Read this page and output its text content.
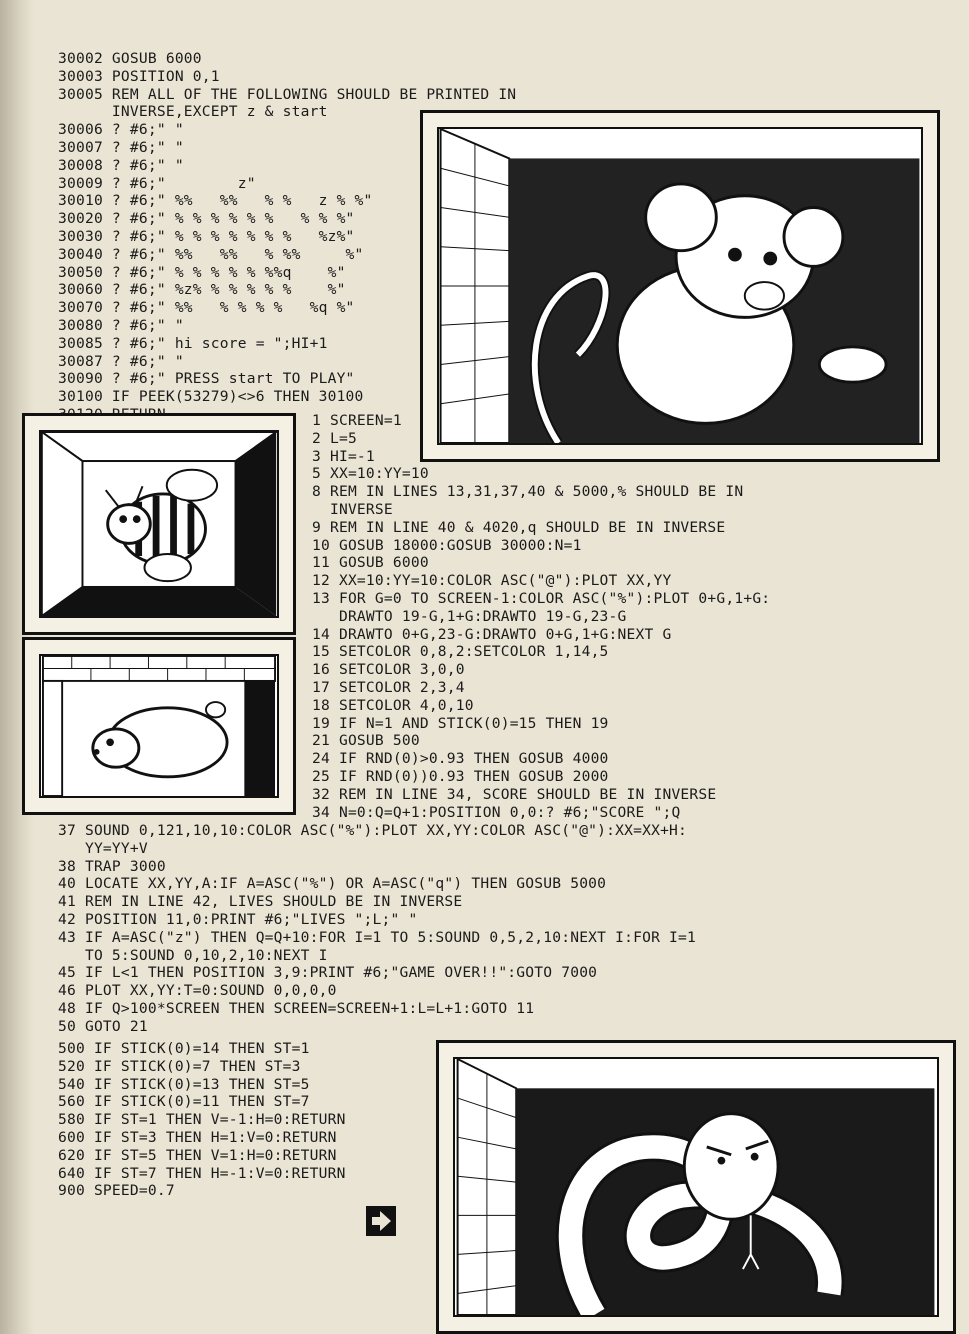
30002 GOSUB 6000
30003 POSITION 0,1
30005 REM ALL OF THE FOLLOWING SHOULD BE PRINTED IN
INVERSE,EXCEPT z & start
30006 ? #6;" "
30007 ? #6;" "
30008 ? #6;" "
30009 ? #6;"        z"
30010 ? #6;" %%   %%   % %   z % %"
30020 ? #6;" % % % % % %   % % %"
30030 ? #6;" % % % % % % %   %z%"
30040 ? #6;" %%   %%   % %%     %"
30050 ? #6;" % % % % % %%q    %"
30060 ? #6;" %z% % % % % %    %"
30070 ? #6;" %%   % % % %   %q %"
30080 ? #6;" "
30085 ? #6;" hi score = ";HI+1
30087 ? #6;" "
30090 ? #6;" PRESS start TO PLAY"
30100 IF PEEK(53279)<>6 THEN 30100
1 SCREEN=1
2 L=5
3 HI=-1
5 XX=10:YY=10
8 REM IN LINES 13,31,37,40 & 5000,% SHOULD BE IN
INVERSE
9 REM IN LINE 40 & 4020,q SHOULD BE IN INVERSE
10 GOSUB 18000:GOSUB 30000:N=1
11 GOSUB 6000
12 XX=10:YY=10:COLOR ASC("@"):PLOT XX,YY
13 FOR G=0 TO SCREEN-1:COLOR ASC("%"):PLOT 0+G,1+G:
DRAWTO 19-G,1+G:DRAWTO 19-G,23-G
14 DRAWTO 0+G,23-G:DRAWTO 0+G,1+G:NEXT G
15 SETCOLOR 0,8,2:SETCOLOR 1,14,5
16 SETCOLOR 3,0,0
17 SETCOLOR 2,3,4
18 SETCOLOR 4,0,10
19 IF N=1 AND STICK(0)=15 THEN 19
21 GOSUB 500
24 IF RND(0)>0.93 THEN GOSUB 4000
25 IF RND(0))0.93 THEN GOSUB 2000
32 REM IN LINE 34, SCORE SHOULD BE IN INVERSE
34 N=0:Q=Q+1:POSITION 0,0:? #6;"SCORE ";Q
37 SOUND 0,121,10,10:COLOR ASC("%"):PLOT XX,YY:COLOR ASC("@"):XX=XX+H:
YY=YY+V
38 TRAP 3000
40 LOCATE XX,YY,A:IF A=ASC("%") OR A=ASC("q") THEN GOSUB 5000
41 REM IN LINE 42, LIVES SHOULD BE IN INVERSE
42 POSITION 11,0:PRINT #6;"LIVES ";L;" "
43 IF A=ASC("z") THEN Q=Q+10:FOR I=1 TO 5:SOUND 0,5,2,10:NEXT I:FOR I=1
TO 5:SOUND 0,10,2,10:NEXT I
45 IF L<1 THEN POSITION 3,9:PRINT #6;"GAME OVER!!":GOTO 7000
46 PLOT XX,YY:T=0:SOUND 0,0,0,0
48 IF Q>100*SCREEN THEN SCREEN=SCREEN+1:L=L+1:GOTO 11
50 GOTO 21
500 IF STICK(0)=14 THEN ST=1
520 IF STICK(0)=7 THEN ST=3
540 IF STICK(0)=13 THEN ST=5
560 IF STICK(0)=11 THEN ST=7
580 IF ST=1 THEN V=-1:H=0:RETURN
600 IF ST=3 THEN H=1:V=0:RETURN
620 IF ST=5 THEN V=1:H=0:RETURN
640 IF ST=7 THEN H=-1:V=0:RETURN
900 SPEED=0.7
